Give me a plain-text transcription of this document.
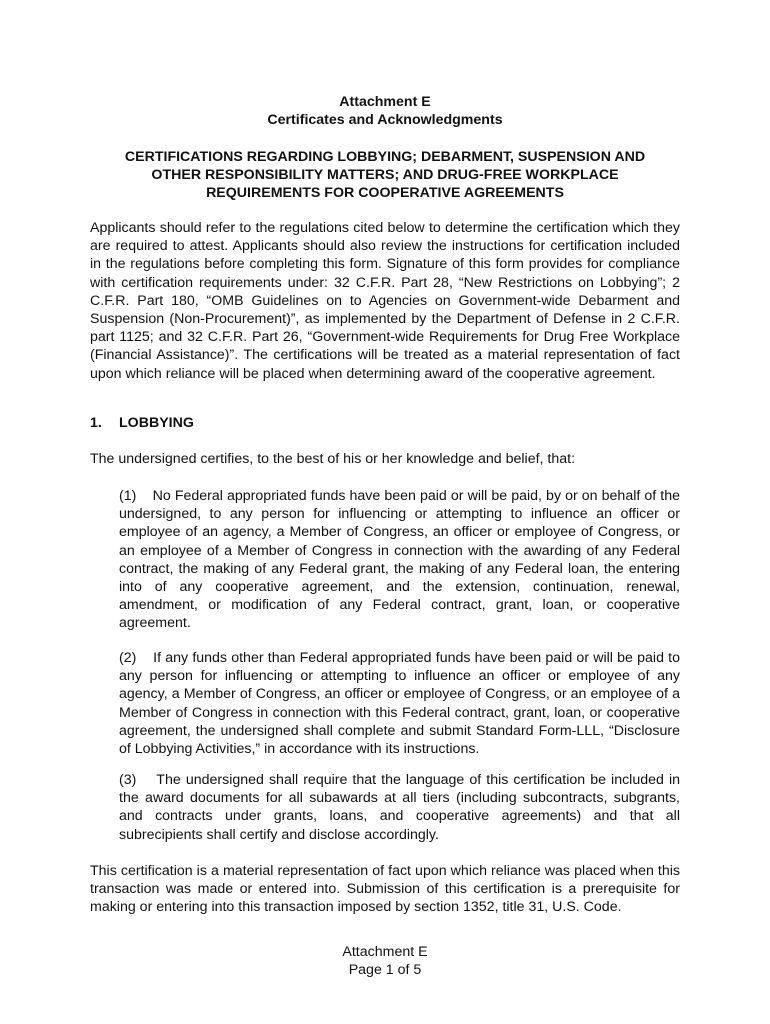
Attachment E
Certificates and Acknowledgments
CERTIFICATIONS REGARDING LOBBYING; DEBARMENT, SUSPENSION AND
OTHER RESPONSIBILITY MATTERS; AND DRUG-FREE WORKPLACE
REQUIREMENTS FOR COOPERATIVE AGREEMENTS
Applicants should refer to the regulations cited below to determine the certification which they are required to attest. Applicants should also review the instructions for certification included in the regulations before completing this form. Signature of this form provides for compliance with certification requirements under: 32 C.F.R. Part 28, “New Restrictions on Lobbying”; 2 C.F.R. Part 180, “OMB Guidelines on to Agencies on Government-wide Debarment and Suspension (Non-Procurement)”, as implemented by the Department of Defense in 2 C.F.R. part 1125; and 32 C.F.R. Part 26, “Government-wide Requirements for Drug Free Workplace (Financial Assistance)”. The certifications will be treated as a material representation of fact upon which reliance will be placed when determining award of the cooperative agreement.
1. LOBBYING
The undersigned certifies, to the best of his or her knowledge and belief, that:
(1)    No Federal appropriated funds have been paid or will be paid, by or on behalf of the undersigned, to any person for influencing or attempting to influence an officer or employee of an agency, a Member of Congress, an officer or employee of Congress, or an employee of a Member of Congress in connection with the awarding of any Federal contract, the making of any Federal grant, the making of any Federal loan, the entering into of any cooperative agreement, and the extension, continuation, renewal, amendment, or modification of any Federal contract, grant, loan, or cooperative agreement.
(2)    If any funds other than Federal appropriated funds have been paid or will be paid to any person for influencing or attempting to influence an officer or employee of any agency, a Member of Congress, an officer or employee of Congress, or an employee of a Member of Congress in connection with this Federal contract, grant, loan, or cooperative agreement, the undersigned shall complete and submit Standard Form-LLL, “Disclosure of Lobbying Activities,” in accordance with its instructions.
(3)    The undersigned shall require that the language of this certification be included in the award documents for all subawards at all tiers (including subcontracts, subgrants, and contracts under grants, loans, and cooperative agreements) and that all subrecipients shall certify and disclose accordingly.
This certification is a material representation of fact upon which reliance was placed when this transaction was made or entered into. Submission of this certification is a prerequisite for making or entering into this transaction imposed by section 1352, title 31, U.S. Code.
Attachment E
Page 1 of 5
